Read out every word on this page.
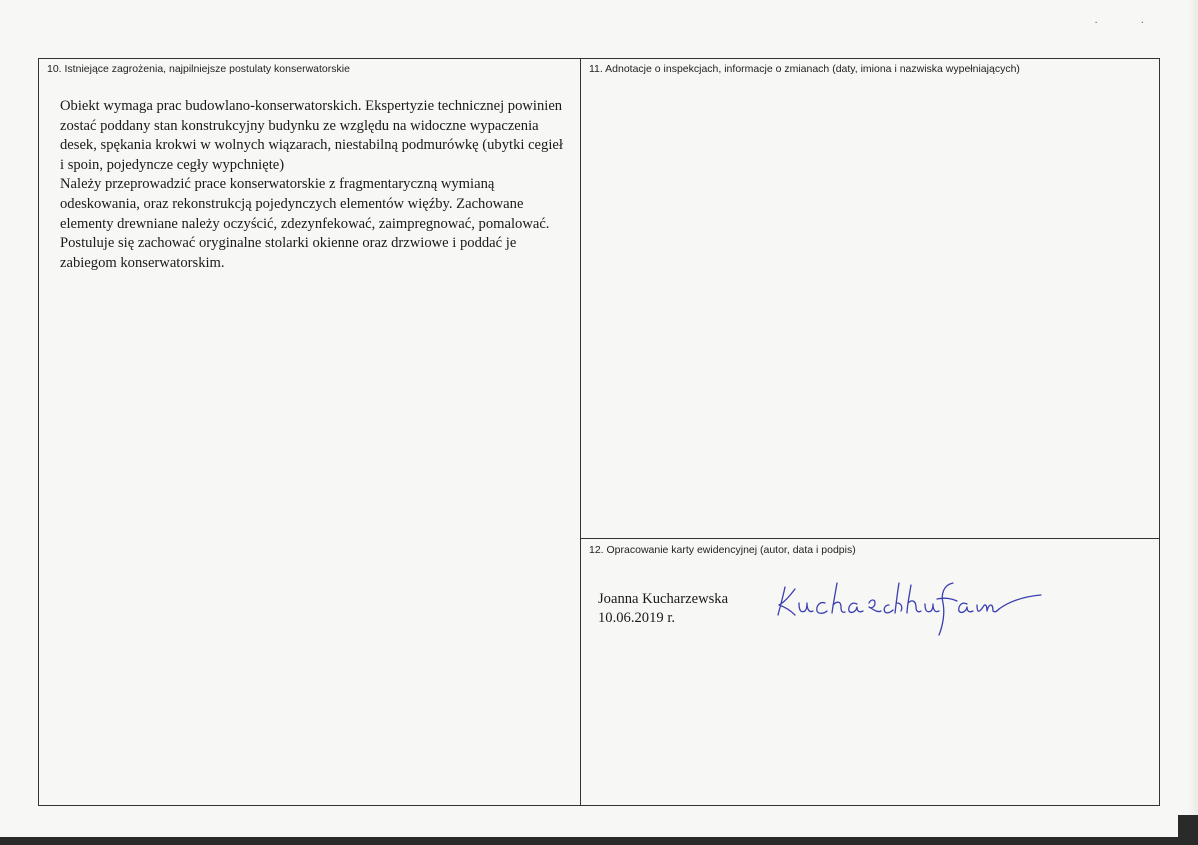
· ·
10. Istniejące zagrożenia, najpilniejsze postulaty konserwatorskie

Obiekt wymaga prac budowlano-konserwatorskich. Ekspertyzie technicznej powinien zostać poddany stan konstrukcyjny budynku ze względu na widoczne wypaczenia desek, spękania krokwi w wolnych wiązarach, niestabilną podmurówkę (ubytki cegieł i spoin, pojedyncze cegły wypchnięte)

Należy przeprowadzić prace konserwatorskie z fragmentaryczną wymianą odeskowania, oraz rekonstrukcją pojedynczych elementów więźby. Zachowane elementy drewniane należy oczyścić, zdezynfekować, zaimpregnować, pomalować. Postuluje się zachować oryginalne stolarki okienne oraz drzwiowe i poddać je zabiegom konserwatorskim.

11. Adnotacje o inspekcjach, informacje o zmianach (daty, imiona i nazwiska wypełniających)
12. Opracowanie karty ewidencyjnej (autor, data i podpis)
Joanna Kucharzewska
10.06.2019 r.
